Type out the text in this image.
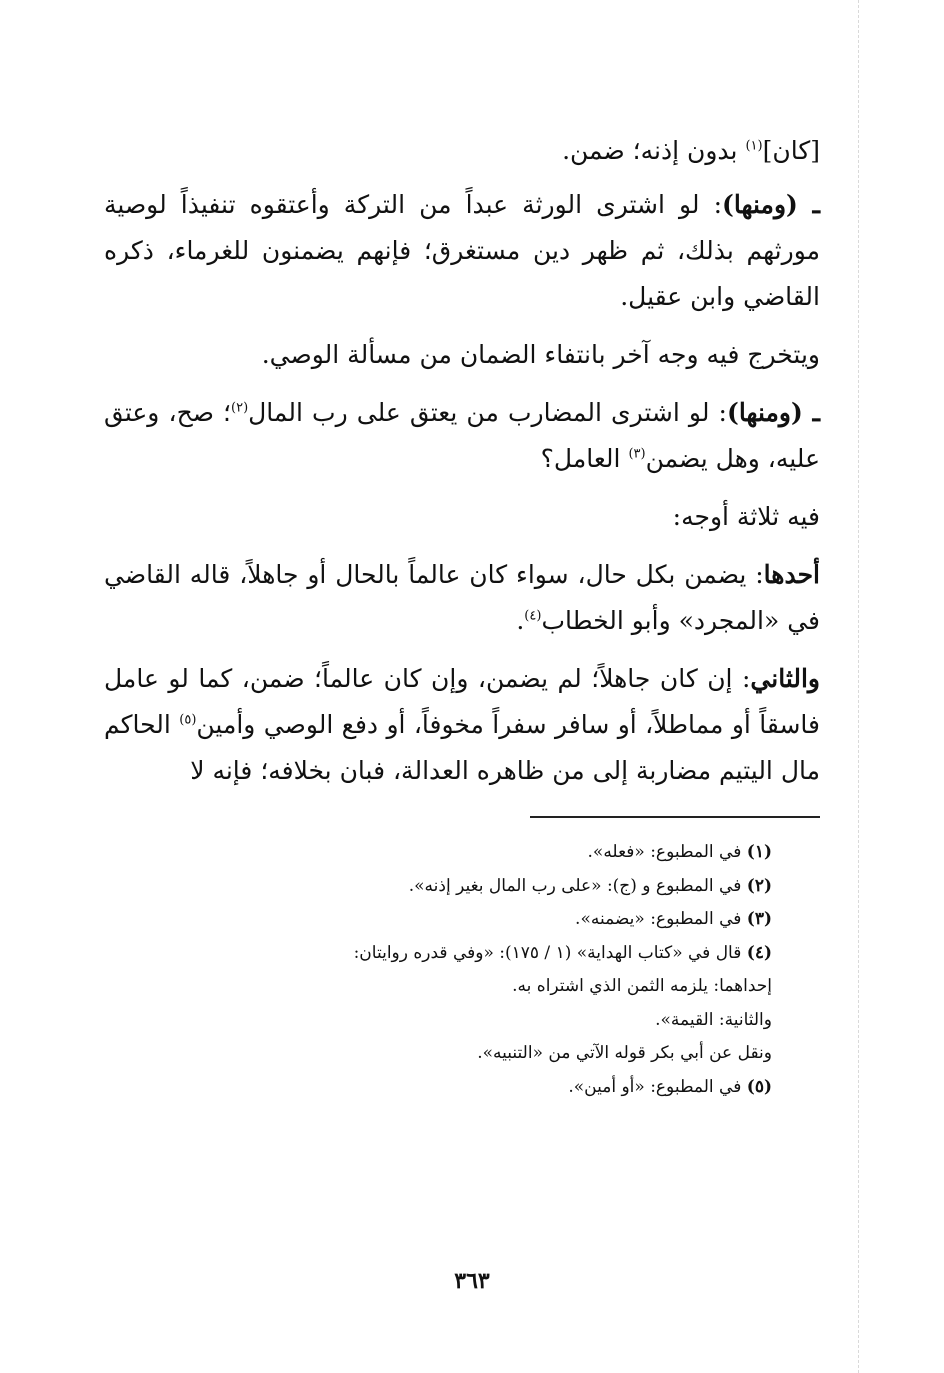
[كان]$^{(١)}$ بدون إذنه؛ ضمن.

ـ (ومنها): لو اشترى الورثة عبداً من التركة وأعتقوه تنفيذاً لوصية مورثهم بذلك، ثم ظهر دين مستغرق؛ فإنهم يضمنون للغرماء، ذكره القاضي وابن عقيل.

ويتخرج فيه وجه آخر بانتفاء الضمان من مسألة الوصي.

ـ (ومنها): لو اشترى المضارب من يعتق على رب المال$^{(٢)}$؛ صح، وعتق عليه، وهل يضمن$^{(٣)}$ العامل؟

فيه ثلاثة أوجه:

أحدها: يضمن بكل حال، سواء كان عالماً بالحال أو جاهلاً، قاله القاضي في «المجرد» وأبو الخطاب$^{(٤)}$.

والثاني: إن كان جاهلاً؛ لم يضمن، وإن كان عالماً؛ ضمن، كما لو عامل فاسقاً أو مماطلاً، أو سافر سفراً مخوفاً، أو دفع الوصي وأمين$^{(٥)}$ الحاكم مال اليتيم مضاربة إلى من ظاهره العدالة، فبان بخلافه؛ فإنه لا

(١) في المطبوع: «فعله».

(٢) في المطبوع و (ج): «على رب المال بغير إذنه».

(٣) في المطبوع: «يضمنه».

(٤) قال في «كتاب الهداية» (١ / ١٧٥): «وفي قدره روايتان:

إحداهما: يلزمه الثمن الذي اشتراه به.

والثانية: القيمة».

ونقل عن أبي بكر قوله الآتي من «التنبيه».

(٥) في المطبوع: «أو أمين».

٣٦٣
